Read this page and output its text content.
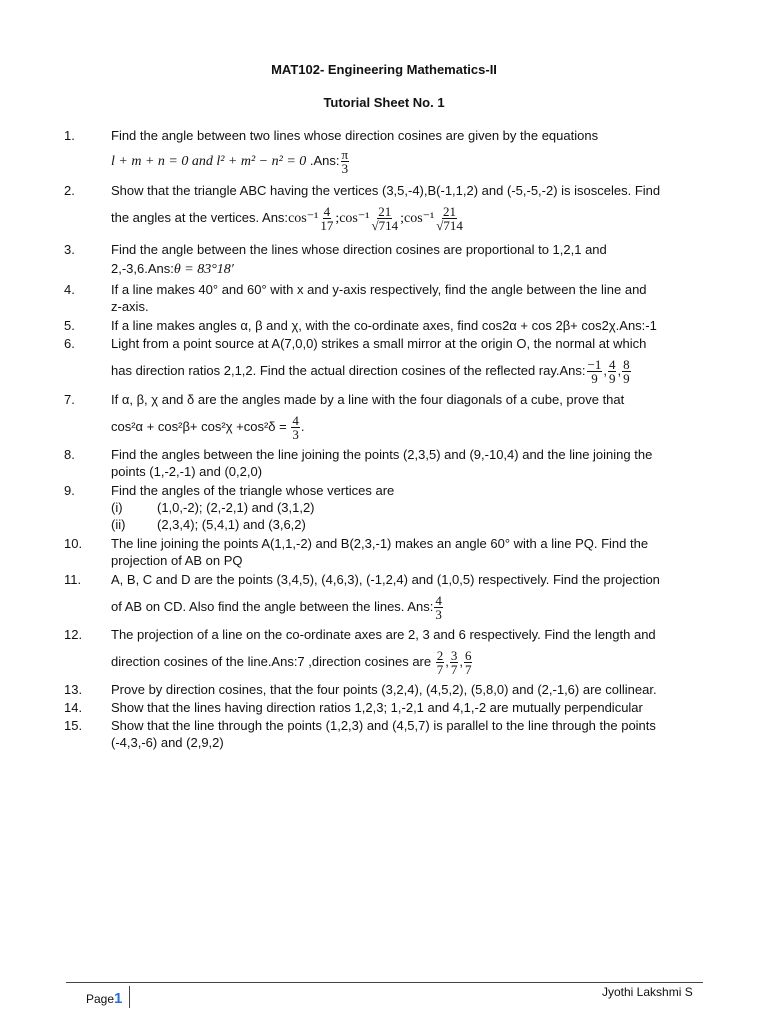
MAT102- Engineering Mathematics-II
Tutorial Sheet No. 1
1.	Find the angle between two lines whose direction cosines are given by the equations
l + m + n = 0 and l² + m² − n² = 0 .Ans: $\frac{\pi}{3}$
2.	Show that the triangle ABC having the vertices (3,5,-4),B(-1,1,2) and (-5,-5,-2) is isosceles. Find
the angles at the vertices. Ans:cos⁻¹ $\frac{4}{17}$ ;cos⁻¹ 21
√ 714 ;cos⁻¹ 21
√ 714
3.	Find the angle between the lines whose direction cosines are proportional to 1,2,1 and
2,-3,6.Ans:θ = 83°18′
4.	If a line makes 40° and 60° with x and y-axis respectively, find the angle between the line and
z-axis.
5.	If a line makes angles α, β and χ, with the co-ordinate axes, find cos2α + cos 2β+ cos2χ.Ans:-1
6.	Light from a point source at A(7,0,0) strikes a small mirror at the origin O, the normal at which
has direction ratios 2,1,2. Find the actual direction cosines of the reflected ray.Ans: $\frac{-1}{9}$ , $\frac{4}{9}$ , $\frac{8}{9}$
7.	If α, β, χ and δ are the angles made by a line with the four diagonals of a cube, prove that
$\cos^2\alpha + \cos^2\beta+ \cos^2\chi +\cos^2\delta = \frac{4}{3}$ .
8.	Find the angles between the line joining the points (2,3,5) and (9,-10,4) and the line joining the
points (1,-2,-1) and (0,2,0)
9.	Find the angles of the triangle whose vertices are
(i)	(1,0,-2); (2,-2,1) and (3,1,2)
(ii) (2,3,4); (5,4,1) and (3,6,2)
10.	The line joining the points A(1,1,-2) and B(2,3,-1) makes an angle 60° with a line PQ. Find the
projection of AB on PQ
11.	A, B, C and D are the points (3,4,5), (4,6,3), (-1,2,4) and (1,0,5) respectively. Find the projection
of AB on CD. Also find the angle between the lines. Ans: $\frac{4}{3}$
12.	The projection of a line on the co-ordinate axes are 2, 3 and 6 respectively. Find the length and
direction cosines of the line.Ans:7 ,direction cosines are $\frac{2}{7}$ , $\frac{3}{7}$ , $\frac{6}{7}$
13.	Prove by direction cosines, that the four points (3,2,4), (4,5,2), (5,8,0) and (2,-1,6) are collinear.
14.	Show that the lines having direction ratios 1,2,3; 1,-2,1 and 4,1,-2 are mutually perpendicular
15.	Show that the line through the points (1,2,3) and (4,5,7) is parallel to the line through the points
(-4,3,-6) and (2,9,2)
Page1	Jyothi Lakshmi S
